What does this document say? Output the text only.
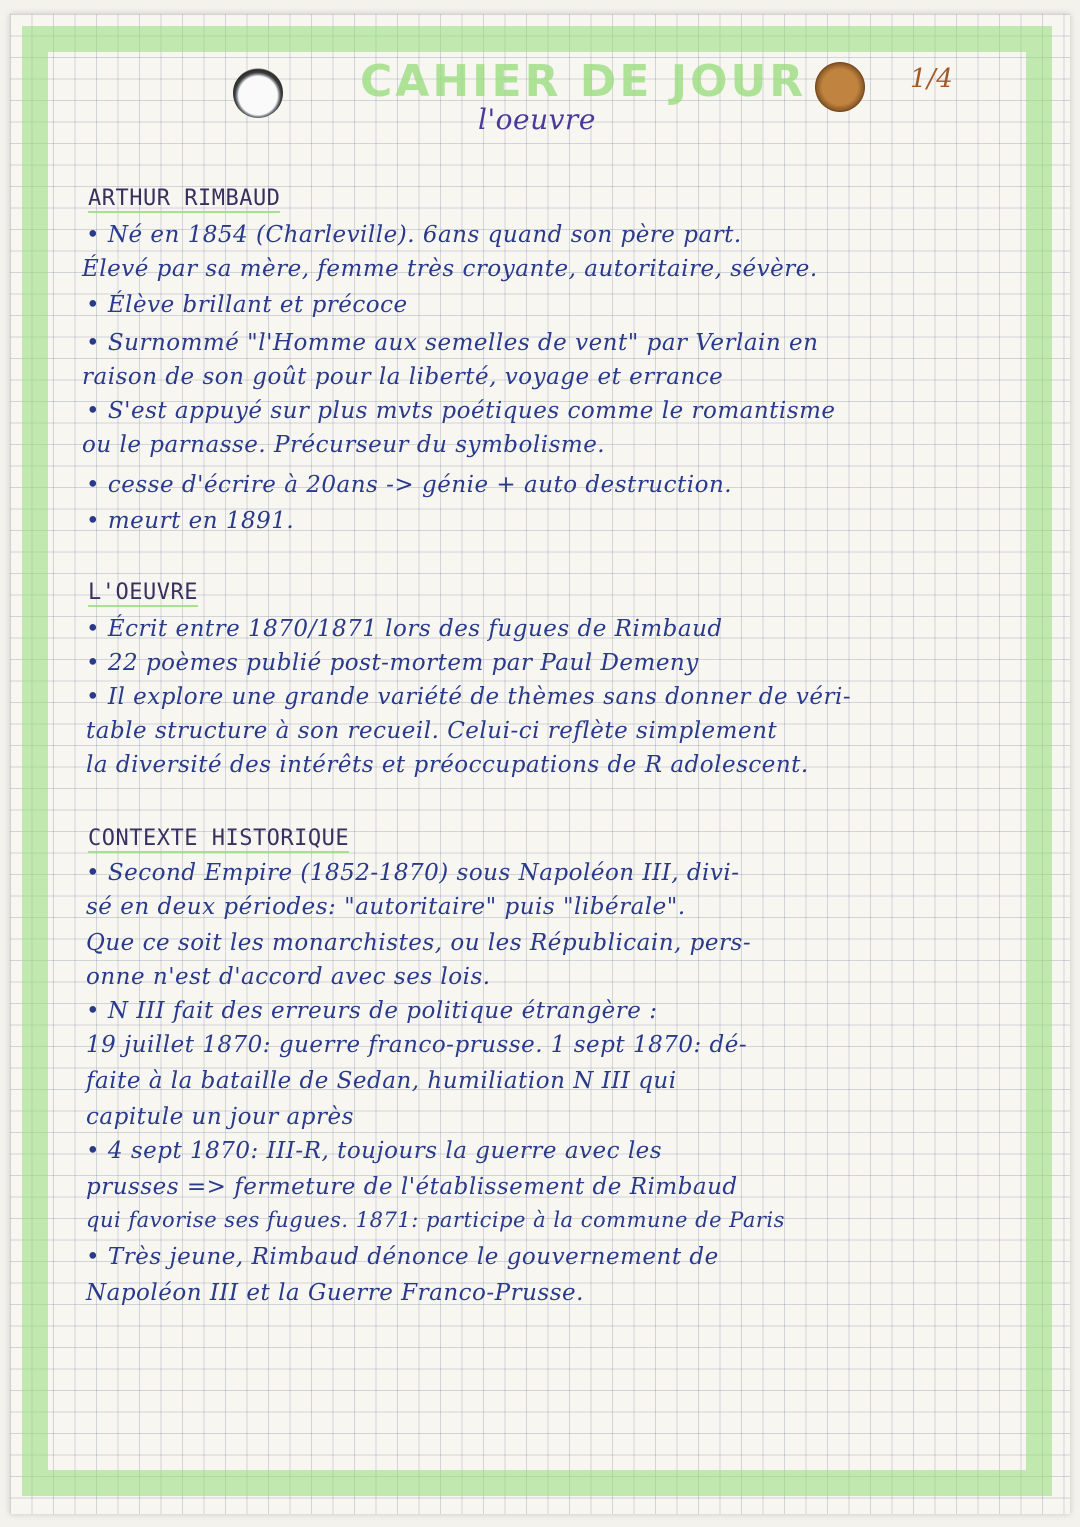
CAHIER DE JOUR	1/4

l'oeuvre

ARTHUR RIMBAUD

• Né en 1854 (Charleville). 6ans quand son père part.

Élevé par sa mère, femme très croyante, autoritaire, sévère.

• Élève brillant et précoce

• Surnommé "l'Homme aux semelles de vent" par Verlain en

raison de son goût pour la liberté, voyage et errance

• S'est appuyé sur plus mvts poétiques comme le romantisme

ou le parnasse. Précurseur du symbolisme.

• cesse d'écrire à 20ans -> génie + auto destruction.

• meurt en 1891.

L'OEUVRE

• Écrit entre 1870/1871 lors des fugues de Rimbaud

• 22 poèmes publié post-mortem par Paul Demeny

• Il explore une grande variété de thèmes sans donner de véri-

table structure à son recueil. Celui-ci reflète simplement

la diversité des intérêts et préoccupations de R adolescent.

CONTEXTE HISTORIQUE

• Second Empire (1852-1870) sous Napoléon III, divi-

sé en deux périodes: "autoritaire" puis "libérale".

Que ce soit les monarchistes, ou les Républicain, pers-

onne n'est d'accord avec ses lois.

• N III fait des erreurs de politique étrangère :

19 juillet 1870: guerre franco-prusse. 1 sept 1870: dé-

faite à la bataille de Sedan, humiliation N III qui

capitule un jour après

• 4 sept 1870: III-R, toujours la guerre avec les

prusses => fermeture de l'établissement de Rimbaud

qui favorise ses fugues. 1871: participe à la commune de Paris

• Très jeune, Rimbaud dénonce le gouvernement de

Napoléon III et la Guerre Franco-Prusse.
